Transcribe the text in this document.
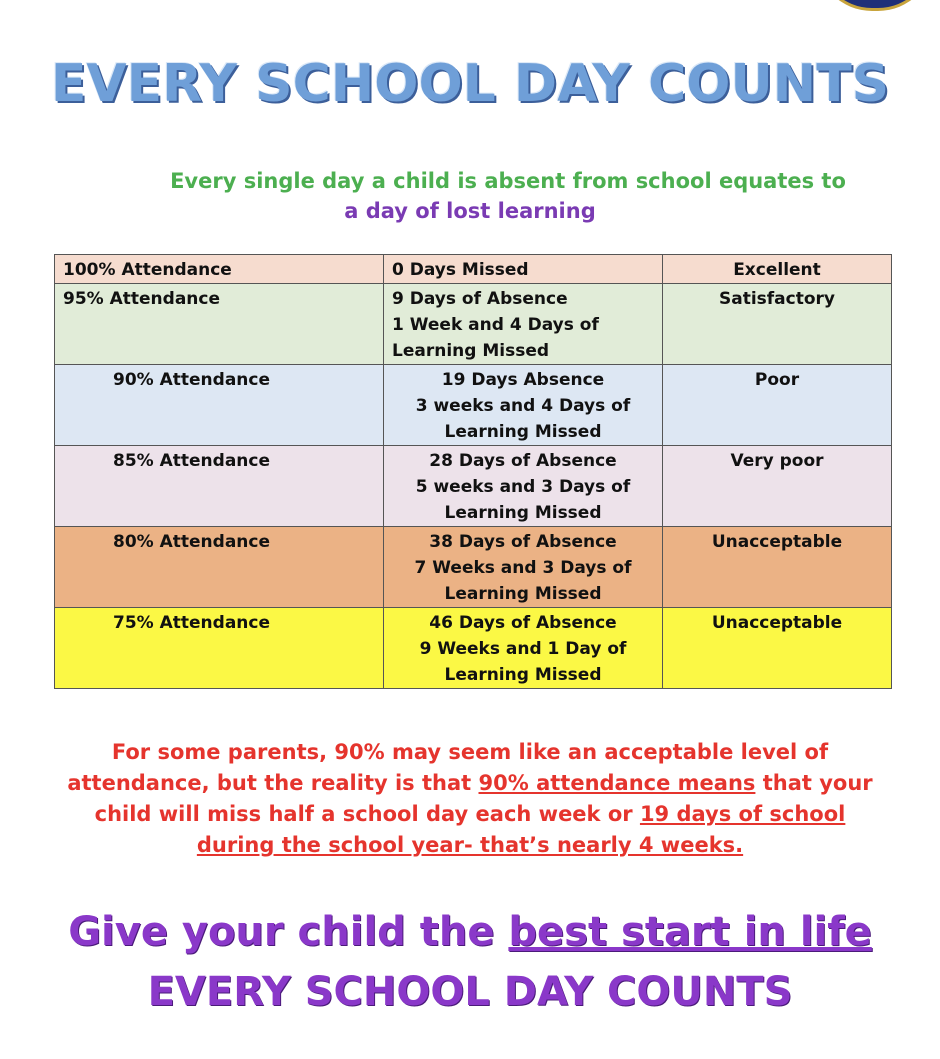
EVERY SCHOOL DAY COUNTS
Every single day a child is absent from school equates to
a day of lost learning
100% Attendance	0 Days Missed	Excellent
95% Attendance	9 Days of Absence
1 Week and 4 Days of
Learning Missed	Satisfactory
90% Attendance	19 Days Absence
3 weeks and 4 Days of
Learning Missed	Poor
85% Attendance	28 Days of Absence
5 weeks and 3 Days of
Learning Missed	Very poor
80% Attendance	38 Days of Absence
7 Weeks and 3 Days of
Learning Missed	Unacceptable
75% Attendance	46 Days of Absence
9 Weeks and 1 Day of
Learning Missed	Unacceptable
For some parents, 90% may seem like an acceptable level of attendance, but the reality is that 90% attendance means that your child will miss half a school day each week or 19 days of school during the school year- that’s nearly 4 weeks.
Give your child the best start in life
EVERY SCHOOL DAY COUNTS
